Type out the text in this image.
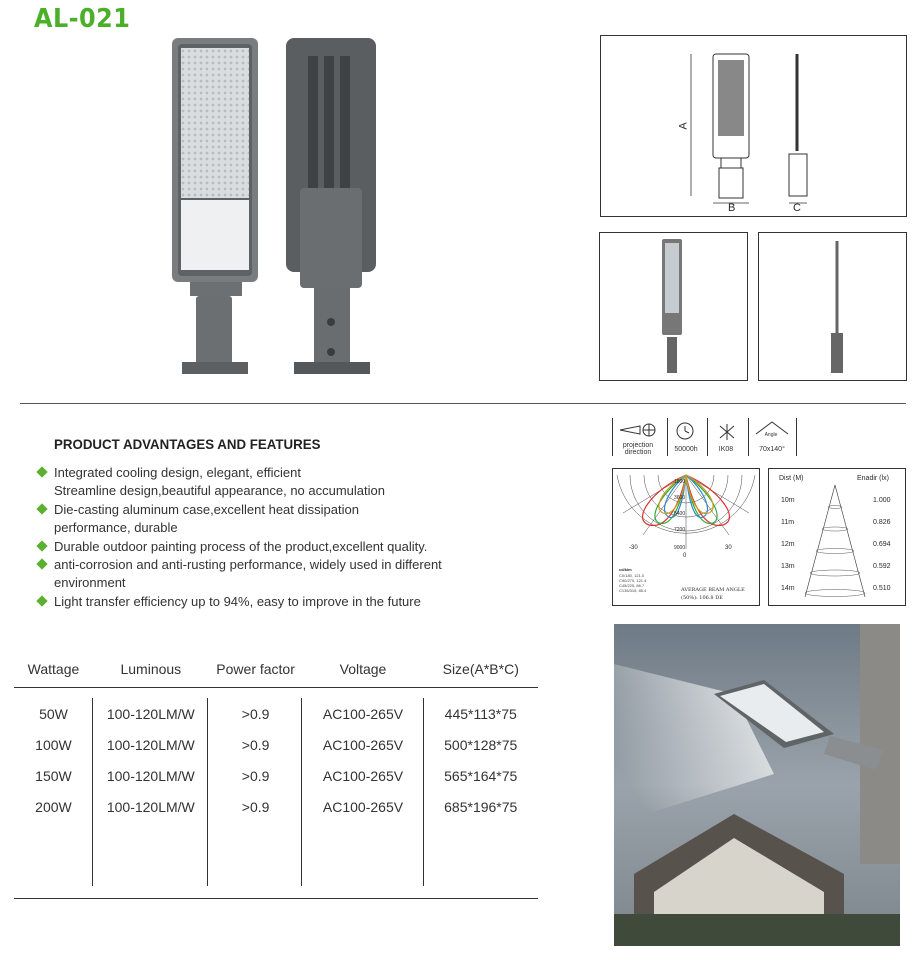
AL-021
A
B	C
projection direction	50000h	IK08
Angle
70x140°
1800
3600
5400
7200
9000
-30	30
0
cd/klm
C0/180, 121.0
C90/270, 121.4
C45/225, 86.7
C135/315, 85.4	AVERAGE BEAM ANGLE
(50%): 106.8 DE
Dist (M)	Enadir (lx)
10m	1.000
11m	0.826
12m	0.694
13m	0.592
14m	0.510
PRODUCT ADVANTAGES AND FEATURES
Integrated cooling design, elegant, efficient
Streamline design,beautiful appearance, no accumulation
Die-casting aluminum case,excellent heat dissipation
performance, durable
Durable outdoor painting process of the product,excellent quality.
anti-corrosion and anti-rusting performance, widely used in different
environment
Light transfer efficiency up to 94%, easy to improve in the future
Wattage	Luminous	Power factor	Voltage	Size(A*B*C)

50W	100-120LM/W	>0.9	AC100-265V	445*113*75
100W	100-120LM/W	>0.9	AC100-265V	500*128*75
150W	100-120LM/W	>0.9	AC100-265V	565*164*75
200W	100-120LM/W	>0.9	AC100-265V	685*196*75
